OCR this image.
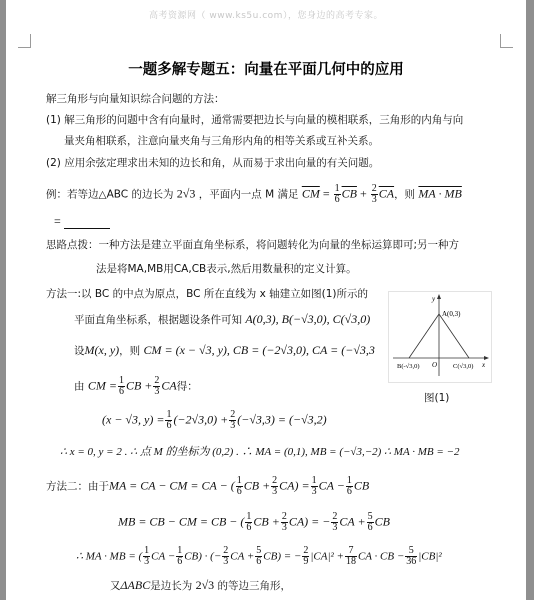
高考资源网（ www.ks5u.com），您身边的高考专家。
一题多解专题五：向量在平面几何中的应用
解三角形与向量知识综合问题的方法：
(1) 解三角形的问题中含有向量时，通常需要把边长与向量的模相联系，三角形的内角与向
量夹角相联系，注意向量夹角与三角形内角的相等关系或互补关系。
(2) 应用余弦定理求出未知的边长和角，从而易于求出向量的有关问题。
例：若等边△ABC 的边长为 2√3 ，平面内一点 M 满足 $\overline{CM} = \frac{1}{6} \overline{CB} + \frac{2}{3} \overline{CA}$，则 MA · MB
=
思路点拨：一种方法是建立平面直角坐标系，将问题转化为向量的坐标运算即可;另一种方
法是将MA,MB用CA,CB表示,然后用数量积的定义计算。
方法一:以 BC 的中点为原点，BC 所在直线为 x 轴建立如图(1)所示的
平面直角坐标系，根据题设条件可知 A(0,3), B(−√3,0), C(√3,0)
设M(x, y)，则 CM = (x − √3, y), CB = (−2√3,0), CA = (−√3,3
由 CM = $\frac{1}{6}$ CB + $\frac{2}{3}$ CA得：
(x − √3, $y) = \frac{1}{6} (-2√3,0) + \frac{2}{3} (-√3,3) = (-√3,2)$
∴ x = 0, y = 2 . ∴ 点 M 的坐标为 (0,2) . ∴ MA = (0,1), MB = (−√3,−2) ∴ MA · MB = −2
方法二：由于MA = CA − CM = CA − ( $\frac{1}{6}$ CB + $\frac{2}{3} CA) = \frac{1}{3}$ CA − $\frac{1}{6}$ CB
MB = CB − CM = CB − ( $\frac{1}{6}$ CB + $\frac{2}{3} CA$) = − $\frac{2}{3}$ CA + $\frac{5}{6}$ CB
∴ MA · MB = ( $\frac{1}{3}$ CA − $\frac{1}{6} CB$) · (− $\frac{2}{3}$ CA + $\frac{5}{6} CB$) = − $\frac{2}{9} |CA|^2 + \frac{7}{18}$ CA · CB − $\frac{5}{36} |CB|^2$
又ΔABC是边长为 2√3 的等边三角形，
y
x
A(0,3)
B(-√3,0)	C(√3,0)
O
图(1)
